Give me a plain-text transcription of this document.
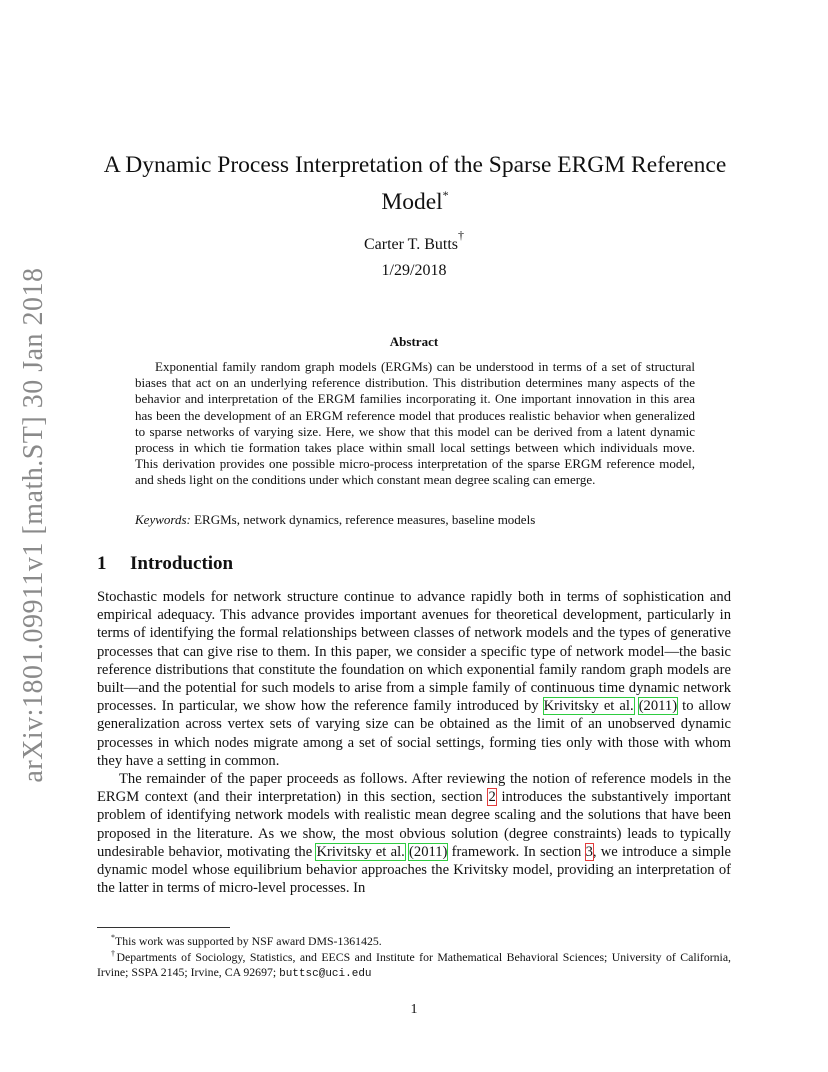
arXiv:1801.09911v1 [math.ST] 30 Jan 2018
A Dynamic Process Interpretation of the Sparse ERGM Reference Model*
Carter T. Butts†
1/29/2018
Abstract
Exponential family random graph models (ERGMs) can be understood in terms of a set of structural biases that act on an underlying reference distribution. This distribution determines many aspects of the behavior and interpretation of the ERGM families incorporating it. One important innovation in this area has been the development of an ERGM reference model that produces realistic behavior when generalized to sparse networks of varying size. Here, we show that this model can be derived from a latent dynamic process in which tie formation takes place within small local settings between which individuals move. This derivation provides one possible micro-process interpretation of the sparse ERGM reference model, and sheds light on the conditions under which constant mean degree scaling can emerge.
Keywords: ERGMs, network dynamics, reference measures, baseline models
1 Introduction

Stochastic models for network structure continue to advance rapidly both in terms of sophistication and empirical adequacy. This advance provides important avenues for theoretical development, particularly in terms of identifying the formal relationships between classes of network models and the types of generative processes that can give rise to them. In this paper, we consider a specific type of network model—the basic reference distributions that constitute the foundation on which exponential family random graph models are built—and the potential for such models to arise from a simple family of continuous time dynamic network processes. In particular, we show how the reference family introduced by Krivitsky et al. (2011) to allow generalization across vertex sets of varying size can be obtained as the limit of an unobserved dynamic processes in which nodes migrate among a set of social settings, forming ties only with those with whom they have a setting in common.

The remainder of the paper proceeds as follows. After reviewing the notion of reference models in the ERGM context (and their interpretation) in this section, section 2 introduces the substantively important problem of identifying network models with realistic mean degree scaling and the solutions that have been proposed in the literature. As we show, the most obvious solution (degree constraints) leads to typically undesirable behavior, motivating the Krivitsky et al. (2011) framework. In section 3, we introduce a simple dynamic model whose equilibrium behavior approaches the Krivitsky model, providing an interpretation of the latter in terms of micro-level processes. In

*This work was supported by NSF award DMS-1361425.
†Departments of Sociology, Statistics, and EECS and Institute for Mathematical Behavioral Sciences; University of California, Irvine; SSPA 2145; Irvine, CA 92697; buttsc@uci.edu
1
